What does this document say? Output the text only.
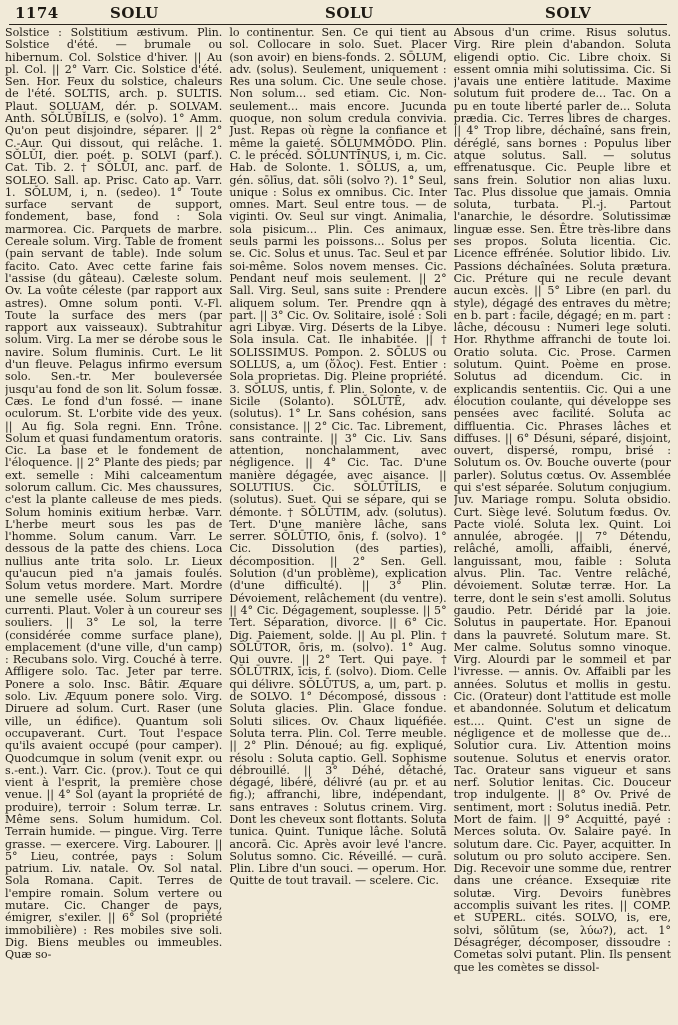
1174	SOLU	SOLU	SOLV

Solstice : Solstitium æstivum. Plin. Solstice d'été. — brumale ou hibernum. Col. Solstice d'hiver. || Au pl. Col. || 2° Varr. Cic. Solstice d'été. Sen. Hor. Feux du solstice, chaleurs de l'été. SOLTIS, arch. p. SULTIS. Plaut. SOLUAM, dér. p. SOLVAM. Anth. SŎLŬBĬLIS, e (solvo). 1° Amm. Qu'on peut disjoindre, séparer. || 2° C.-Aur. Qui dissout, qui relâche. 1. SŎLŬI, dier. poét. p. SOLVI (parf.). Cat. Tib. 2. † SŎLŬI, anc. parf. de SOLEO. Sall. ap. Prisc. Cato ap. Varr. 1. SŎLUM, i, n. (sedeo). 1° Toute surface servant de support, fondement, base, fond : Sola marmorea. Cic. Parquets de marbre. Cereale solum. Virg. Table de froment (pain servant de table). Inde solum facito. Cato. Avec cette farine fais l'assise (du gâteau). Cæleste solum. Ov. La voûte céleste (par rapport aux astres). Omne solum ponti. V.-Fl. Toute la surface des mers (par rapport aux vaisseaux). Subtrahitur solum. Virg. La mer se dérobe sous le navire. Solum fluminis. Curt. Le lit d'un fleuve. Pelagus infirmo eversum solo. Sen.-tr. Mer bouleversée jusqu'au fond de son lit. Solum fossæ. Cæs. Le fond d'un fossé. — inane oculorum. St. L'orbite vide des yeux. || Au fig. Sola regni. Enn. Trône. Solum et quasi fundamentum oratoris. Cic. La base et le fondement de l'éloquence. || 2° Plante des pieds; par ext. semelle : Mihi calceamentum solorum callum. Cic. Mes chaussures, c'est la plante calleuse de mes pieds. Solum hominis exitium herbæ. Varr. L'herbe meurt sous les pas de l'homme. Solum canum. Varr. Le dessous de la patte des chiens. Loca nullius ante trita solo. Lr. Lieux qu'aucun pied n'a jamais foulés. Solum vetus mordere. Mart. Mordre une semelle usée. Solum surripere currenti. Plaut. Voler à un coureur ses souliers. || 3° Le sol, la terre (considérée comme surface plane), emplacement (d'une ville, d'un camp) : Recubans solo. Virg. Couché à terre. Affligere solo. Tac. Jeter par terre. Ponere a solo. Insc. Bâtir. Æquare solo. Liv. Æquum ponere solo. Virg. Diruere ad solum. Curt. Raser (une ville, un édifice). Quantum soli occupaverant. Curt. Tout l'espace qu'ils avaient occupé (pour camper). Quodcumque in solum (venit expr. ou s.-ent.). Varr. Cic. (prov.). Tout ce qui vient à l'esprit, la première chose venue. || 4° Sol (ayant la propriété de produire), terroir : Solum terræ. Lr. Même sens. Solum humidum. Col. Terrain humide. — pingue. Virg. Terre grasse. — exercere. Virg. Labourer. || 5° Lieu, contrée, pays : Solum patrium. Liv. natale. Ov. Sol natal. Sola Romana. Capit. Terres de l'empire romain. Solum vertere ou mutare. Cic. Changer de pays, émigrer, s'exiler. || 6° Sol (propriété immobilière) : Res mobiles sive soli. Dig. Biens meubles ou immeubles. Quæ so-

lo continentur. Sen. Ce qui tient au sol. Collocare in solo. Suet. Placer (son avoir) en biens-fonds. 2. SŌLUM, adv. (solus). Seulement, uniquement : Res una solum. Cic. Une seule chose. Non solum... sed etiam. Cic. Non-seulement... mais encore. Jucunda quoque, non solum credula convivia. Just. Repas où règne la confiance et même la gaieté. SŎLUMMŎDO. Plin. C. le précéd. SŎLUNTĪNUS, i, m. Cic. Hab. de Solonte. 1. SŌLUS, a, um, gén. sōlīus, dat. sōli (solvo ?). 1° Seul, unique : Solus ex omnibus. Cic. Inter omnes. Mart. Seul entre tous. — de viginti. Ov. Seul sur vingt. Animalia, sola pisicum... Plin. Ces animaux, seuls parmi les poissons... Solus per se. Cic. Solus et unus. Tac. Seul et par soi-même. Solos novem menses. Cic. Pendant neuf mois seulement. || 2° Sall. Virg. Seul, sans suite : Prendere aliquem solum. Ter. Prendre qqn à part. || 3° Cic. Ov. Solitaire, isolé : Soli agri Libyæ. Virg. Déserts de la Libye. Sola insula. Cat. Ile inhabitée. || † SOLISSIMUS. Pompon. 2. SŌLUS ou SOLLUS, a, um (ὅλος). Fest. Entier : Sola proprietas. Dig. Pleine propriété. 3. SŎLUS, untis, f. Plin. Solonte, v. de Sicile (Solanto). SŎLŪTĒ, adv. (solutus). 1° Lr. Sans cohésion, sans consistance. || 2° Cic. Tac. Librement, sans contrainte. || 3° Cic. Liv. Sans attention, nonchalamment, avec négligence. || 4° Cic. Tac. D'une manière dégagée, avec aisance. || SOLUTIUS. Cic. SŎLŪTĬLIS, e (solutus). Suet. Qui se sépare, qui se démonte. † SŎLŪTIM, adv. (solutus). Tert. D'une manière lâche, sans serrer. SŎLŪTIO, ōnis, f. (solvo). 1° Cic. Dissolution (des parties), décomposition. || 2° Sen. Gell. Solution (d'un problème), explication (d'une difficulté). || 3° Plin. Dévoiement, relâchement (du ventre). || 4° Cic. Dégagement, souplesse. || 5° Tert. Séparation, divorce. || 6° Cic. Dig. Paiement, solde. || Au pl. Plin. † SŎLŪTOR, ōris, m. (solvo). 1° Aug. Qui ouvre. || 2° Tert. Qui paye. † SŎLŪTRIX, īcis, f. (solvo). Diom. Celle qui délivre. SŎLŪTUS, a, um, part. p. de SOLVO. 1° Décomposé, dissous : Soluta glacies. Plin. Glace fondue. Soluti silices. Ov. Chaux liquéfiée. Soluta terra. Plin. Col. Terre meuble. || 2° Plin. Dénoué; au fig. expliqué, résolu : Soluta captio. Gell. Sophisme débrouillé. || 3° Déhé, détaché, dégagé, libéré, délivré (au pr. et au fig.); affranchi, libre, indépendant, sans entraves : Solutus crinem. Virg. Dont les cheveux sont flottants. Soluta tunica. Quint. Tunique lâche. Solutā ancorā. Cic. Après avoir levé l'ancre. Solutus somno. Cic. Réveillé. — curā. Plin. Libre d'un souci. — operum. Hor. Quitte de tout travail. — scelere. Cic.

Absous d'un crime. Risus solutus. Virg. Rire plein d'abandon. Soluta eligendi optio. Cic. Libre choix. Si essent omnia mihi solutissima. Cic. Si j'avais une entière latitude. Maxime solutum fuit prodere de... Tac. On a pu en toute liberté parler de... Soluta prædia. Cic. Terres libres de charges. || 4° Trop libre, déchaîné, sans frein, déréglé, sans bornes : Populus liber atque solutus. Sall. — solutus effrenatusque. Cic. Peuple libre et sans frein. Solutior non alias luxu. Tac. Plus dissolue que jamais. Omnia soluta, turbata. Pl.-j. Partout l'anarchie, le désordre. Solutissimæ linguæ esse. Sen. Être très-libre dans ses propos. Soluta licentia. Cic. Licence effrénée. Solutior libido. Liv. Passions déchaînées. Soluta prætura. Cic. Préture qui ne recule devant aucun excès. || 5° Libre (en parl. du style), dégagé des entraves du mètre; en b. part : facile, dégagé; en m. part : lâche, décousu : Numeri lege soluti. Hor. Rhythme affranchi de toute loi. Oratio soluta. Cic. Prose. Carmen solutum. Quint. Poème en prose. Solutus ad dicendum. Cic. in explicandis sententiis. Cic. Qui a une élocution coulante, qui développe ses pensées avec facilité. Soluta ac diffluentia. Cic. Phrases lâches et diffuses. || 6° Désuni, séparé, disjoint, ouvert, dispersé, rompu, brisé : Solutum os. Ov. Bouche ouverte (pour parler). Solutus cœtus. Ov. Assemblée qui s'est séparée. Solutum conjugium. Juv. Mariage rompu. Soluta obsidio. Curt. Siège levé. Solutum fœdus. Ov. Pacte violé. Soluta lex. Quint. Loi annulée, abrogée. || 7° Détendu, relâché, amolli, affaibli, énervé, languissant, mou, faible : Soluta alvus. Plin. Tac. Ventre relâché, dévoiement. Solutæ terræ. Hor. La terre, dont le sein s'est amolli. Solutus gaudio. Petr. Déridé par la joie. Solutus in paupertate. Hor. Epanoui dans la pauvreté. Solutum mare. St. Mer calme. Solutus somno vinoque. Virg. Alourdi par le sommeil et par l'ivresse. — annis. Ov. Affaibli par les années. Solutus et mollis in gestu. Cic. (Orateur) dont l'attitude est molle et abandonnée. Solutum et delicatum est.... Quint. C'est un signe de négligence et de mollesse que de... Solutior cura. Liv. Attention moins soutenue. Solutus et enervis orator. Tac. Orateur sans vigueur et sans nerf. Solutior lenitas. Cic. Douceur trop indulgente. || 8° Ov. Privé de sentiment, mort : Solutus inediā. Petr. Mort de faim. || 9° Acquitté, payé : Merces soluta. Ov. Salaire payé. In solutum dare. Cic. Payer, acquitter. In solutum ou pro soluto accipere. Sen. Dig. Recevoir une somme due, rentrer dans une créance. Exsequiæ rite solutæ. Virg. Devoirs funèbres accomplis suivant les rites. || COMP. et SUPERL. cités. SOLVO, is, ere, solvi, sŏlūtum (se, λύω?), act. 1° Désagréger, décomposer, dissoudre : Cometas solvi putant. Plin. Ils pensent que les comètes se dissol-
